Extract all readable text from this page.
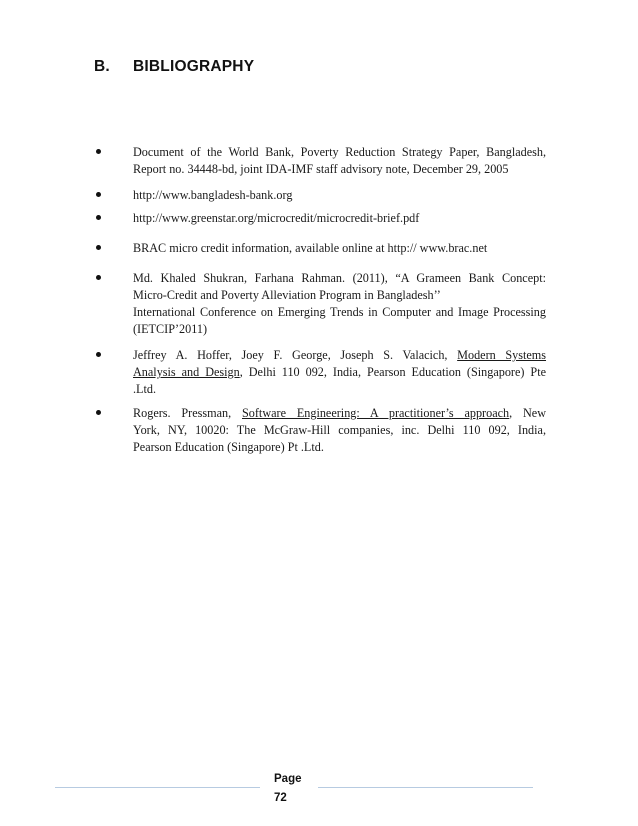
B. BIBLIOGRAPHY
Document of the World Bank, Poverty Reduction Strategy Paper, Bangladesh,
Report no. 34448-bd, joint IDA-IMF staff advisory note, December 29, 2005
http://www.bangladesh-bank.org
http://www.greenstar.org/microcredit/microcredit-brief.pdf
BRAC micro credit information, available online at http:// www.brac.net
Md. Khaled Shukran, Farhana Rahman. (2011), “A Grameen Bank Concept:
Micro-Credit and Poverty Alleviation Program in Bangladesh’’
International Conference on Emerging Trends in Computer and Image Processing
(IETCIP’2011)
Jeffrey A. Hoffer, Joey F. George, Joseph S. Valacich, Modern Systems
Analysis and Design, Delhi 110 092, India, Pearson Education (Singapore) Pte
.Ltd.
Rogers. Pressman, Software Engineering: A practitioner’s approach, New
York, NY, 10020: The McGraw-Hill companies, inc. Delhi 110 092, India,
Pearson Education (Singapore) Pt .Ltd.
Page
72
